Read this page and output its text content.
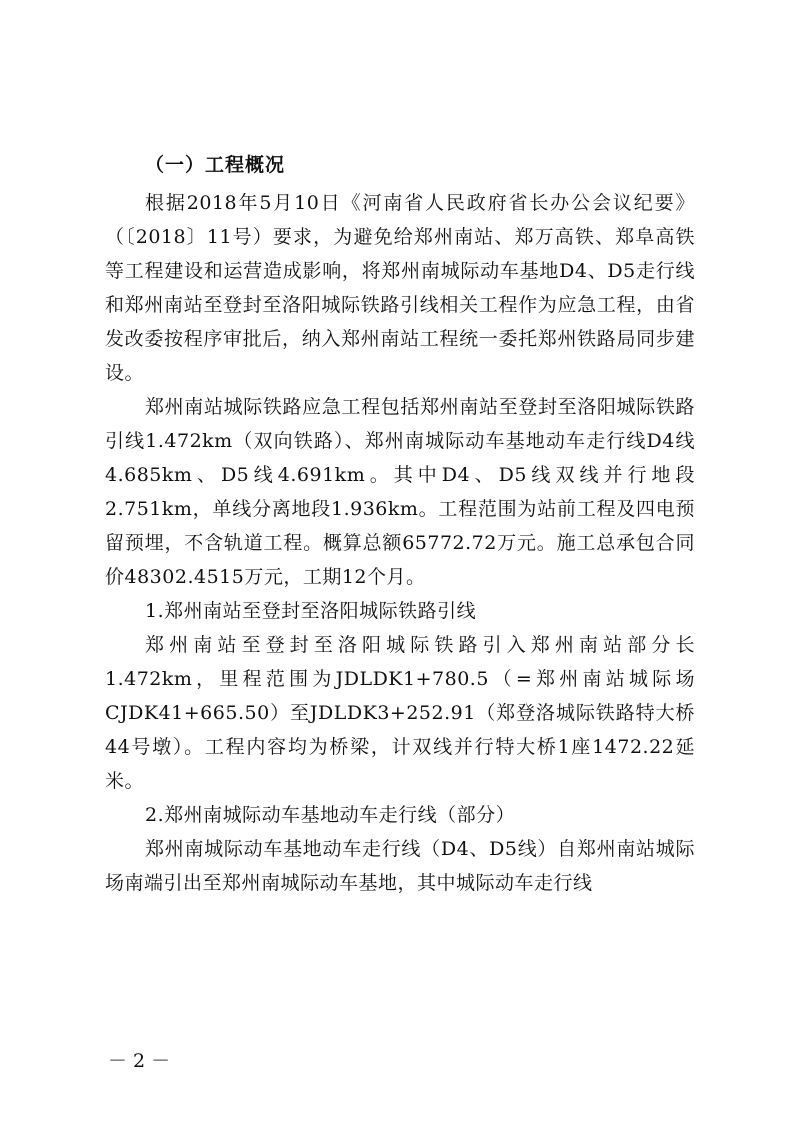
（一）工程概况

根据2018年5月10日《河南省人民政府省长办公会议纪要》（〔2018〕11号）要求，为避免给郑州南站、郑万高铁、郑阜高铁等工程建设和运营造成影响，将郑州南城际动车基地D4、D5走行线和郑州南站至登封至洛阳城际铁路引线相关工程作为应急工程，由省发改委按程序审批后，纳入郑州南站工程统一委托郑州铁路局同步建设。

郑州南站城际铁路应急工程包括郑州南站至登封至洛阳城际铁路引线1.472km（双向铁路）、郑州南城际动车基地动车走行线D4线4.685km、D5线4.691km。其中D4、D5线双线并行地段2.751km，单线分离地段1.936km。工程范围为站前工程及四电预留预埋，不含轨道工程。概算总额65772.72万元。施工总承包合同价48302.4515万元，工期12个月。

1.郑州南站至登封至洛阳城际铁路引线

郑州南站至登封至洛阳城际铁路引入郑州南站部分长1.472km，里程范围为JDLDK1+780.5（=郑州南站城际场CJDK41+665.50）至JDLDK3+252.91（郑登洛城际铁路特大桥44号墩）。工程内容均为桥梁，计双线并行特大桥1座1472.22延米。

2.郑州南城际动车基地动车走行线（部分）

郑州南城际动车基地动车走行线（D4、D5线）自郑州南站城际场南端引出至郑州南城际动车基地，其中城际动车走行线

－2－
